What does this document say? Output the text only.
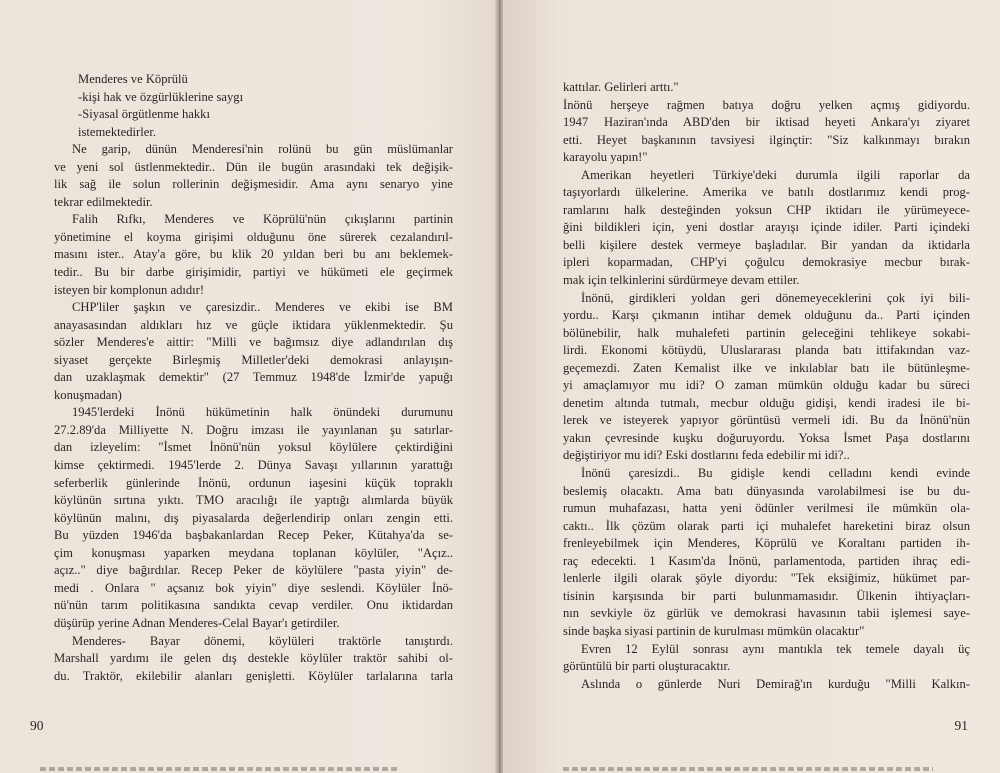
Menderes ve Köprülü
-kişi hak ve özgürlüklerine saygı
-Siyasal örgütlenme hakkı
istemektedirler.
Ne garip, dünün Menderesi'nin rolünü bu gün müslümanlar
ve yeni sol üstlenmektedir.. Dün ile bugün arasındaki tek değişik-
lik sağ ile solun rollerinin değişmesidir. Ama aynı senaryo yine
tekrar edilmektedir.
Falih Rıfkı, Menderes ve Köprülü'nün çıkışlarını partinin
yönetimine el koyma girişimi olduğunu öne sürerek cezalandırıl-
masını ister.. Atay'a göre, bu klik 20 yıldan beri bu anı beklemek-
tedir.. Bu bir darbe girişimidir, partiyi ve hükümeti ele geçirmek
isteyen bir komplonun adıdır!
CHP'liler şaşkın ve çaresizdir.. Menderes ve ekibi ise BM
anayasasından aldıkları hız ve güçle iktidara yüklenmektedir. Şu
sözler Menderes'e aittir: "Milli ve bağımsız diye adlandırılan dış
siyaset gerçekte Birleşmiş Milletler'deki demokrasi anlayışın-
dan uzaklaşmak demektir" (27 Temmuz 1948'de İzmir'de yapuğı
konuşmadan)
1945'lerdeki İnönü hükümetinin halk önündeki durumunu
27.2.89'da Milliyette N. Doğru imzası ile yayınlanan şu satırlar-
dan izleyelim: "İsmet İnönü'nün yoksul köylülere çektirdiğini
kimse çektirmedi. 1945'lerde 2. Dünya Savaşı yıllarının yarattığı
seferberlik günlerinde İnönü, ordunun iaşesini küçük topraklı
köylünün sırtına yıktı. TMO aracılığı ile yaptığı alımlarda büyük
köylünün malını, dış piyasalarda değerlendirip onları zengin etti.
Bu yüzden 1946'da başbakanlardan Recep Peker, Kütahya'da se-
çim konuşması yaparken meydana toplanan köylüler, "Açız..
açız.." diye bağırdılar. Recep Peker de köylülere "pasta yiyin" de-
medi . Onlara " açsanız bok yiyin" diye seslendi. Köylüler İnö-
nü'nün tarım politikasına sandıkta cevap verdiler. Onu iktidardan
düşürüp yerine Adnan Menderes-Celal Bayar'ı getirdiler.
Menderes- Bayar dönemi, köylüleri traktörle tanıştırdı.
Marshall yardımı ile gelen dış destekle köylüler traktör sahibi ol-
du. Traktör, ekilebilir alanları genişletti. Köylüler tarlalarına tarla
90
kattılar. Gelirleri arttı."
İnönü herşeye rağmen batıya doğru yelken açmış gidiyordu.
1947 Haziran'ında ABD'den bir iktisad heyeti Ankara'yı ziyaret
etti. Heyet başkanının tavsiyesi ilginçtir: "Siz kalkınmayı bırakın
karayolu yapın!"
Amerikan heyetleri Türkiye'deki durumla ilgili raporlar da
taşıyorlardı ülkelerine. Amerika ve batılı dostlarımız kendi prog-
ramlarını halk desteğinden yoksun CHP iktidarı ile yürümeyece-
ğini bildikleri için, yeni dostlar arayışı içinde idiler. Parti içindeki
belli kişilere destek vermeye başladılar. Bir yandan da iktidarla
ipleri koparmadan, CHP'yi çoğulcu demokrasiye mecbur bırak-
mak için telkinlerini sürdürmeye devam ettiler.
İnönü, girdikleri yoldan geri dönemeyeceklerini çok iyi bili-
yordu.. Karşı çıkmanın intihar demek olduğunu da.. Parti içinden
bölünebilir, halk muhalefeti partinin geleceğini tehlikeye sokabi-
lirdi. Ekonomi kötüydü, Uluslararası planda batı ittifakından vaz-
geçemezdi. Zaten Kemalist ilke ve inkılablar batı ile bütünleşme-
yi amaçlamıyor mu idi? O zaman mümkün olduğu kadar bu süreci
denetim altında tutmalı, mecbur olduğu gidişi, kendi iradesi ile bi-
lerek ve isteyerek yapıyor görüntüsü vermeli idi. Bu da İnönü'nün
yakın çevresinde kuşku doğuruyordu. Yoksa İsmet Paşa dostlarını
değiştiriyor mu idi? Eski dostlarını feda edebilir mi idi?..
İnönü çaresizdi.. Bu gidişle kendi celladını kendi evinde
beslemiş olacaktı. Ama batı dünyasında varolabilmesi ise bu du-
rumun muhafazası, hatta yeni ödünler verilmesi ile mümkün ola-
caktı.. İlk çözüm olarak parti içi muhalefet hareketini biraz olsun
frenleyebilmek için Menderes, Köprülü ve Koraltanı partiden ih-
raç edecekti. 1 Kasım'da İnönü, parlamentoda, partiden ihraç edi-
lenlerle ilgili olarak şöyle diyordu: "Tek eksiğimiz, hükümet par-
tisinin karşısında bir parti bulunmamasıdır. Ülkenin ihtiyaçları-
nın sevkiyle öz gürlük ve demokrasi havasının tabii işlemesi saye-
sinde başka siyasi partinin de kurulması mümkün olacaktır"
Evren 12 Eylül sonrası aynı mantıkla tek temele dayalı üç
görüntülü bir parti oluşturacaktır.
Aslında o günlerde Nuri Demirağ'ın kurduğu "Milli Kalkın-
91
